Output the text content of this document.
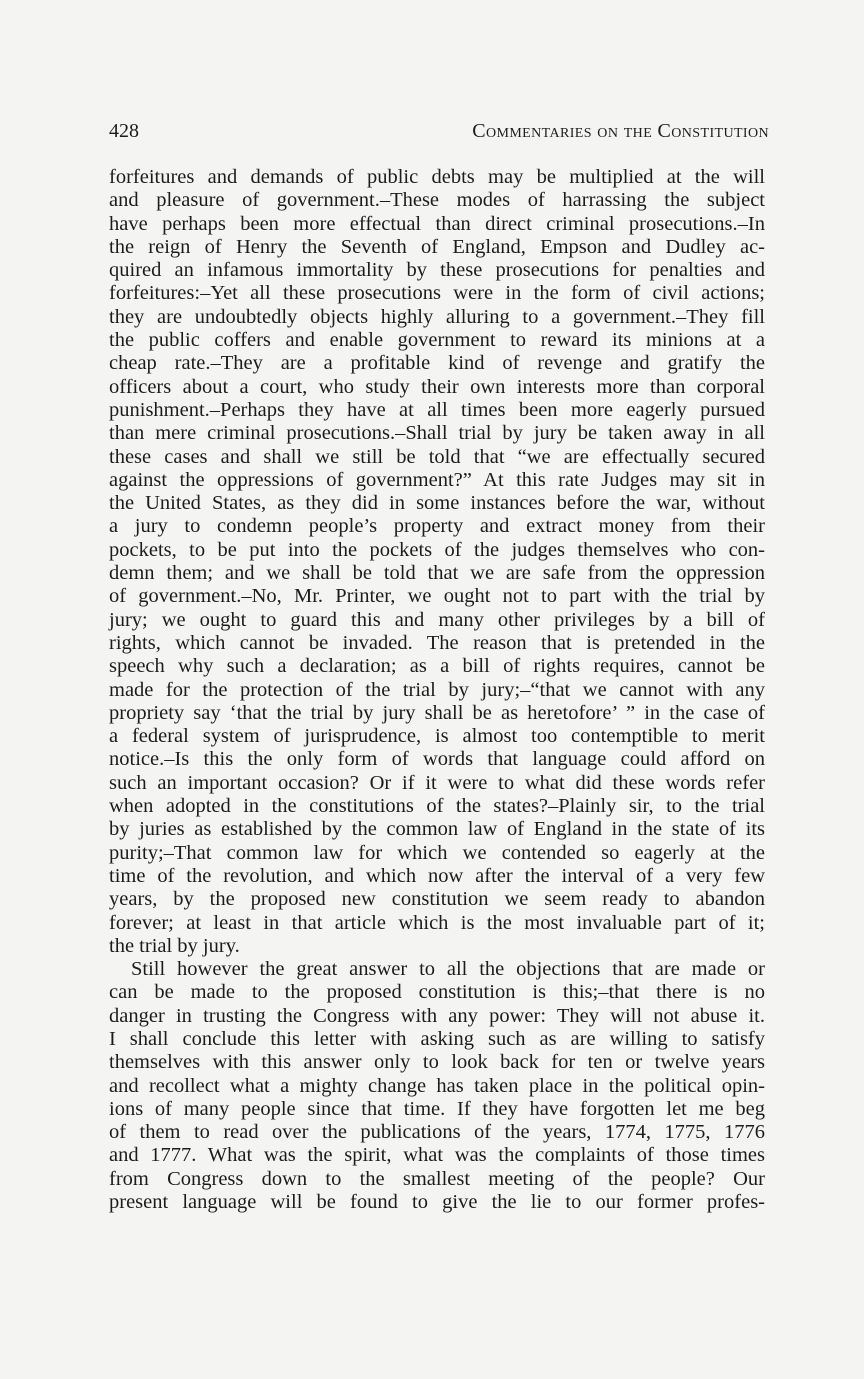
428	Commentaries on the Constitution
forfeitures and demands of public debts may be multiplied at the will
and pleasure of government.–These modes of harrassing the subject
have perhaps been more effectual than direct criminal prosecutions.–In
the reign of Henry the Seventh of England, Empson and Dudley ac-
quired an infamous immortality by these prosecutions for penalties and
forfeitures:–Yet all these prosecutions were in the form of civil actions;
they are undoubtedly objects highly alluring to a government.–They fill
the public coffers and enable government to reward its minions at a
cheap rate.–They are a profitable kind of revenge and gratify the
officers about a court, who study their own interests more than corporal
punishment.–Perhaps they have at all times been more eagerly pursued
than mere criminal prosecutions.–Shall trial by jury be taken away in all
these cases and shall we still be told that “we are effectually secured
against the oppressions of government?” At this rate Judges may sit in
the United States, as they did in some instances before the war, without
a jury to condemn people’s property and extract money from their
pockets, to be put into the pockets of the judges themselves who con-
demn them; and we shall be told that we are safe from the oppression
of government.–No, Mr. Printer, we ought not to part with the trial by
jury; we ought to guard this and many other privileges by a bill of
rights, which cannot be invaded. The reason that is pretended in the
speech why such a declaration; as a bill of rights requires, cannot be
made for the protection of the trial by jury;–“that we cannot with any
propriety say ‘that the trial by jury shall be as heretofore’ ” in the case of
a federal system of jurisprudence, is almost too contemptible to merit
notice.–Is this the only form of words that language could afford on
such an important occasion? Or if it were to what did these words refer
when adopted in the constitutions of the states?–Plainly sir, to the trial
by juries as established by the common law of England in the state of its
purity;–That common law for which we contended so eagerly at the
time of the revolution, and which now after the interval of a very few
years, by the proposed new constitution we seem ready to abandon
forever; at least in that article which is the most invaluable part of it;
the trial by jury.
Still however the great answer to all the objections that are made or
can be made to the proposed constitution is this;–that there is no
danger in trusting the Congress with any power: They will not abuse it.
I shall conclude this letter with asking such as are willing to satisfy
themselves with this answer only to look back for ten or twelve years
and recollect what a mighty change has taken place in the political opin-
ions of many people since that time. If they have forgotten let me beg
of them to read over the publications of the years, 1774, 1775, 1776
and 1777. What was the spirit, what was the complaints of those times
from Congress down to the smallest meeting of the people? Our
present language will be found to give the lie to our former profes-
